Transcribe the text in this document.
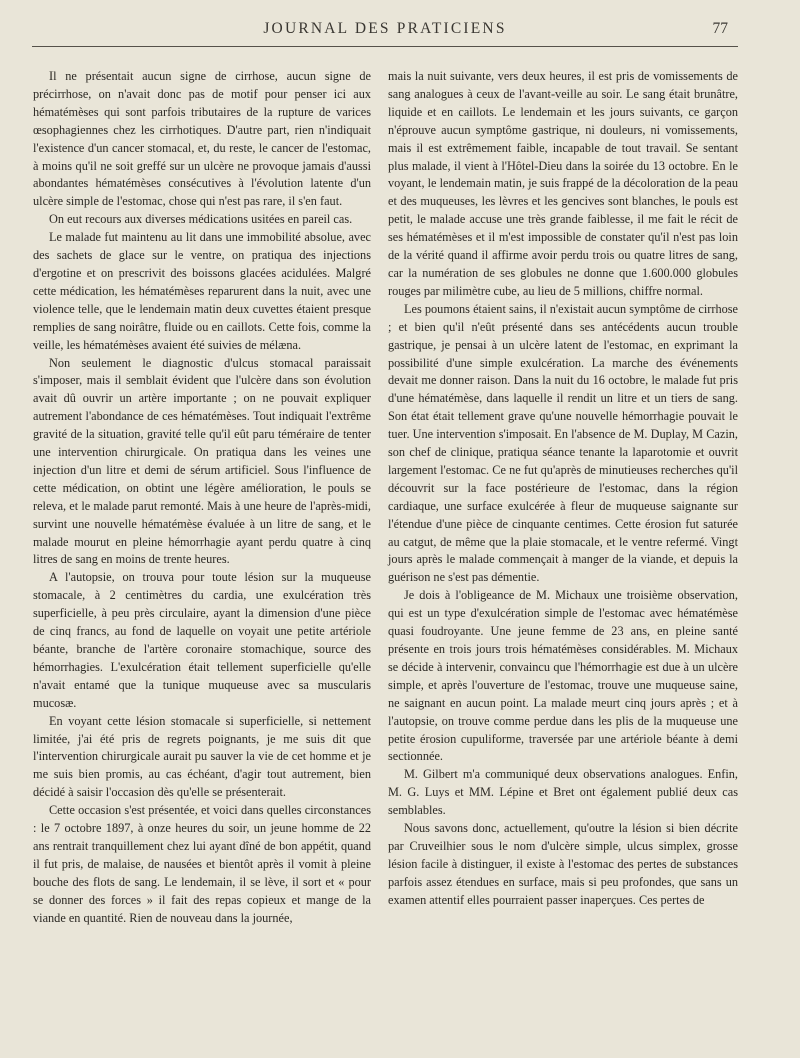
JOURNAL DES PRATICIENS	77

Il ne présentait aucun signe de cirrhose, aucun signe de précirrhose, on n'avait donc pas de motif pour penser ici aux hématémèses qui sont parfois tributaires de la rupture de varices œsophagiennes chez les cirrhotiques. D'autre part, rien n'indiquait l'existence d'un cancer stomacal, et, du reste, le cancer de l'estomac, à moins qu'il ne soit greffé sur un ulcère ne provoque jamais d'aussi abondantes hématémèses consécutives à l'évolution latente d'un ulcère simple de l'estomac, chose qui n'est pas rare, il s'en faut.

On eut recours aux diverses médications usitées en pareil cas.

Le malade fut maintenu au lit dans une immobilité absolue, avec des sachets de glace sur le ventre, on pratiqua des injections d'ergotine et on prescrivit des boissons glacées acidulées. Malgré cette médication, les hématémèses reparurent dans la nuit, avec une violence telle, que le lendemain matin deux cuvettes étaient presque remplies de sang noirâtre, fluide ou en caillots. Cette fois, comme la veille, les hématémèses avaient été suivies de mélæna.

Non seulement le diagnostic d'ulcus stomacal paraissait s'imposer, mais il semblait évident que l'ulcère dans son évolution avait dû ouvrir un artère importante ; on ne pouvait expliquer autrement l'abondance de ces hématémèses. Tout indiquait l'extrême gravité de la situation, gravité telle qu'il eût paru téméraire de tenter une intervention chirurgicale. On pratiqua dans les veines une injection d'un litre et demi de sérum artificiel. Sous l'influence de cette médication, on obtint une légère amélioration, le pouls se releva, et le malade parut remonté. Mais à une heure de l'après-midi, survint une nouvelle hématémèse évaluée à un litre de sang, et le malade mourut en pleine hémorrhagie ayant perdu quatre à cinq litres de sang en moins de trente heures.

A l'autopsie, on trouva pour toute lésion sur la muqueuse stomacale, à 2 centimètres du cardia, une exulcération très superficielle, à peu près circulaire, ayant la dimension d'une pièce de cinq francs, au fond de laquelle on voyait une petite artériole béante, branche de l'artère coronaire stomachique, source des hémorrhagies. L'exulcération était tellement superficielle qu'elle n'avait entamé que la tunique muqueuse avec sa muscularis mucosæ.

En voyant cette lésion stomacale si superficielle, si nettement limitée, j'ai été pris de regrets poignants, je me suis dit que l'intervention chirurgicale aurait pu sauver la vie de cet homme et je me suis bien promis, au cas échéant, d'agir tout autrement, bien décidé à saisir l'occasion dès qu'elle se présenterait.

Cette occasion s'est présentée, et voici dans quelles circonstances : le 7 octobre 1897, à onze heures du soir, un jeune homme de 22 ans rentrait tranquillement chez lui ayant dîné de bon appétit, quand il fut pris, de malaise, de nausées et bientôt après il vomit à pleine bouche des flots de sang. Le lendemain, il se lève, il sort et « pour se donner des forces » il fait des repas copieux et mange de la viande en quantité. Rien de nouveau dans la journée,

mais la nuit suivante, vers deux heures, il est pris de vomissements de sang analogues à ceux de l'avant-veille au soir. Le sang était brunâtre, liquide et en caillots. Le lendemain et les jours suivants, ce garçon n'éprouve aucun symptôme gastrique, ni douleurs, ni vomissements, mais il est extrêmement faible, incapable de tout travail. Se sentant plus malade, il vient à l'Hôtel-Dieu dans la soirée du 13 octobre. En le voyant, le lendemain matin, je suis frappé de la décoloration de la peau et des muqueuses, les lèvres et les gencives sont blanches, le pouls est petit, le malade accuse une très grande faiblesse, il me fait le récit de ses hématémèses et il m'est impossible de constater qu'il n'est pas loin de la vérité quand il affirme avoir perdu trois ou quatre litres de sang, car la numération de ses globules ne donne que 1.600.000 globules rouges par milimètre cube, au lieu de 5 millions, chiffre normal.

Les poumons étaient sains, il n'existait aucun symptôme de cirrhose ; et bien qu'il n'eût présenté dans ses antécédents aucun trouble gastrique, je pensai à un ulcère latent de l'estomac, en exprimant la possibilité d'une simple exulcération. La marche des événements devait me donner raison. Dans la nuit du 16 octobre, le malade fut pris d'une hématémèse, dans laquelle il rendit un litre et un tiers de sang. Son état était tellement grave qu'une nouvelle hémorrhagie pouvait le tuer. Une intervention s'imposait. En l'absence de M. Duplay, M Cazin, son chef de clinique, pratiqua séance tenante la laparotomie et ouvrit largement l'estomac. Ce ne fut qu'après de minutieuses recherches qu'il découvrit sur la face postérieure de l'estomac, dans la région cardiaque, une surface exulcérée à fleur de muqueuse saignante sur l'étendue d'une pièce de cinquante centimes. Cette érosion fut saturée au catgut, de même que la plaie stomacale, et le ventre refermé. Vingt jours après le malade commençait à manger de la viande, et depuis la guérison ne s'est pas démentie.

Je dois à l'obligeance de M. Michaux une troisième observation, qui est un type d'exulcération simple de l'estomac avec hématémèse quasi foudroyante. Une jeune femme de 23 ans, en pleine santé présente en trois jours trois hématémèses considérables. M. Michaux se décide à intervenir, convaincu que l'hémorrhagie est due à un ulcère simple, et après l'ouverture de l'estomac, trouve une muqueuse saine, ne saignant en aucun point. La malade meurt cinq jours après ; et à l'autopsie, on trouve comme perdue dans les plis de la muqueuse une petite érosion cupuliforme, traversée par une artériole béante à demi sectionnée.

M. Gilbert m'a communiqué deux observations analogues. Enfin, M. G. Luys et MM. Lépine et Bret ont également publié deux cas semblables.

Nous savons donc, actuellement, qu'outre la lésion si bien décrite par Cruveilhier sous le nom d'ulcère simple, ulcus simplex, grosse lésion facile à distinguer, il existe à l'estomac des pertes de substances parfois assez étendues en surface, mais si peu profondes, que sans un examen attentif elles pourraient passer inaperçues. Ces pertes de
